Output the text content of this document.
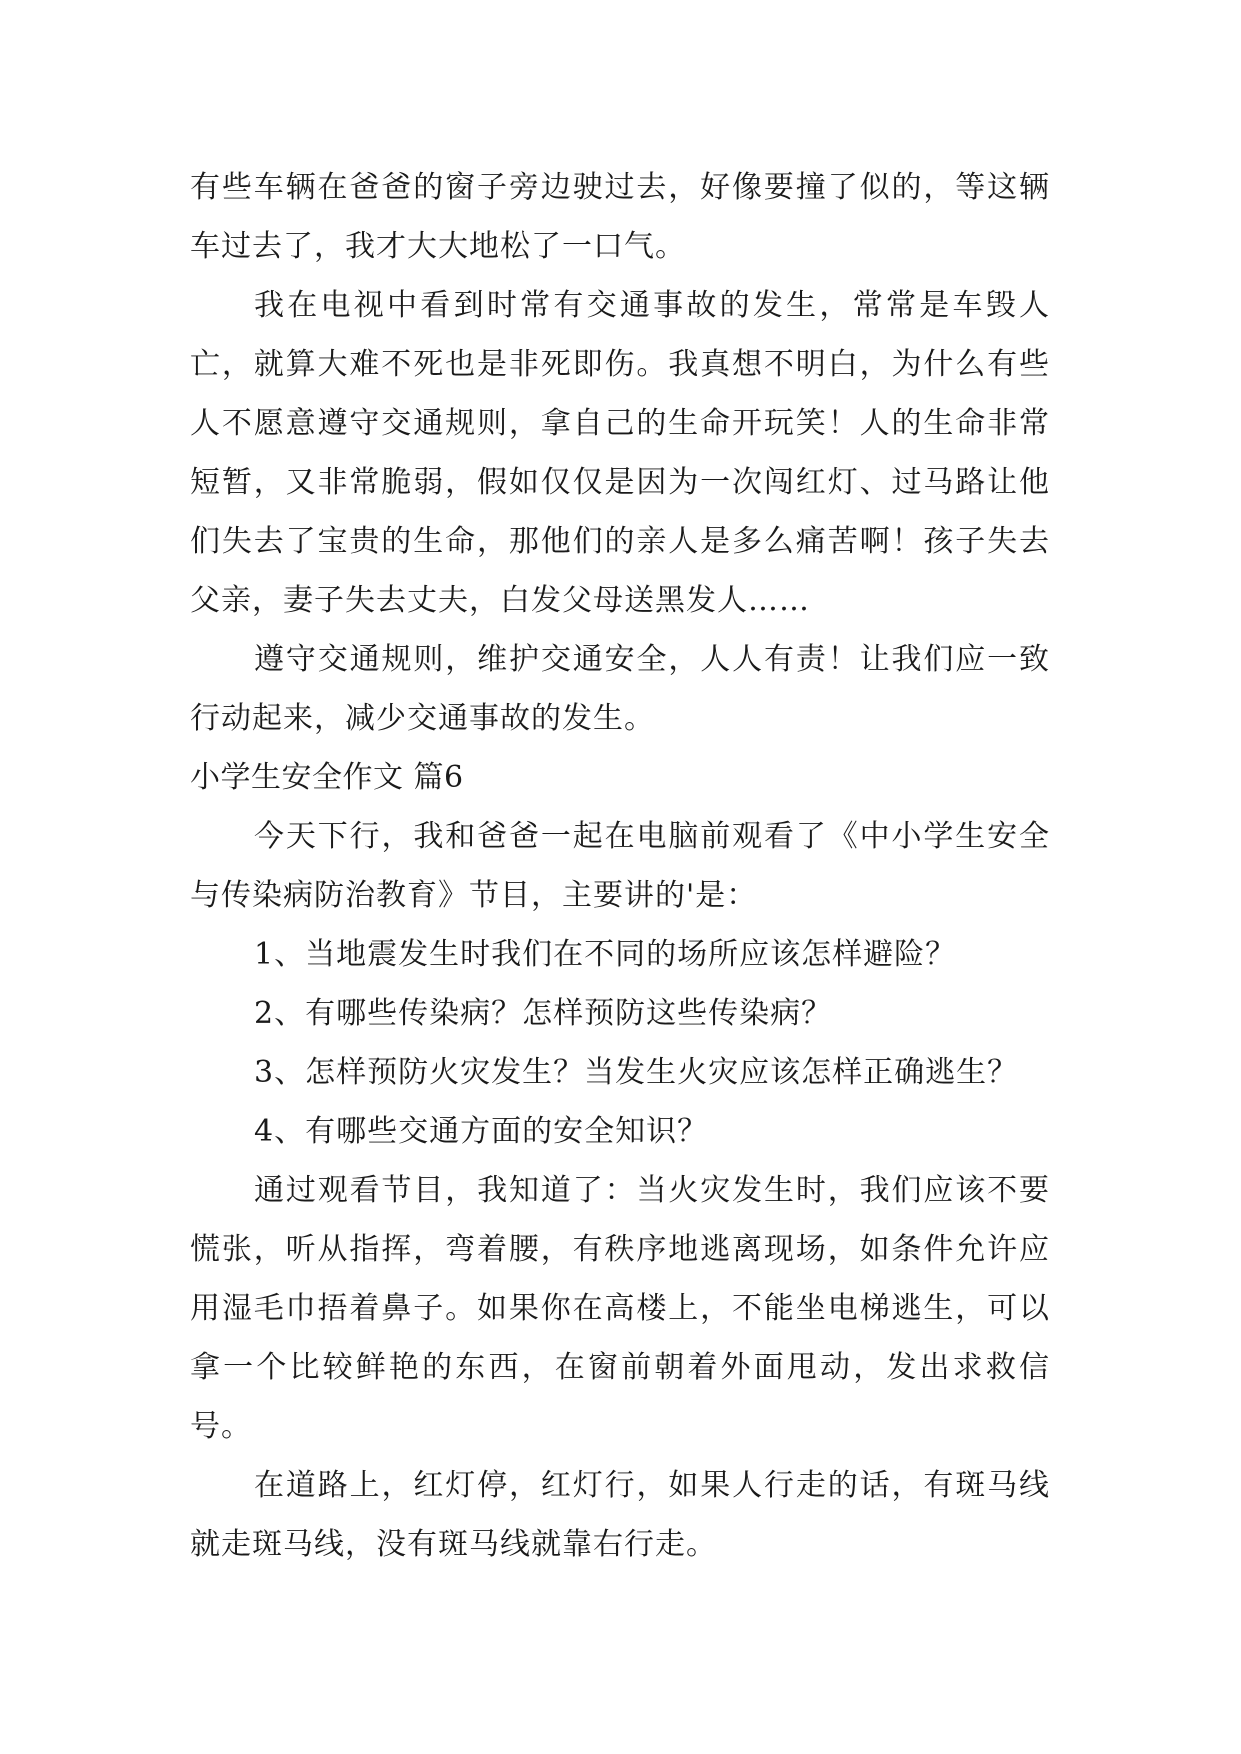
有些车辆在爸爸的窗子旁边驶过去，好像要撞了似的，等这辆车过去了，我才大大地松了一口气。

我在电视中看到时常有交通事故的发生，常常是车毁人亡，就算大难不死也是非死即伤。我真想不明白，为什么有些人不愿意遵守交通规则，拿自己的生命开玩笑！人的生命非常短暂，又非常脆弱，假如仅仅是因为一次闯红灯、过马路让他们失去了宝贵的生命，那他们的亲人是多么痛苦啊！孩子失去父亲，妻子失去丈夫，白发父母送黑发人……

遵守交通规则，维护交通安全，人人有责！让我们应一致行动起来，减少交通事故的发生。

小学生安全作文 篇6

今天下行，我和爸爸一起在电脑前观看了《中小学生安全与传染病防治教育》节目，主要讲的'是：

1、当地震发生时我们在不同的场所应该怎样避险？

2、有哪些传染病？怎样预防这些传染病？

3、怎样预防火灾发生？当发生火灾应该怎样正确逃生？

4、有哪些交通方面的安全知识？

通过观看节目，我知道了：当火灾发生时，我们应该不要慌张，听从指挥，弯着腰，有秩序地逃离现场，如条件允许应用湿毛巾捂着鼻子。如果你在高楼上，不能坐电梯逃生，可以拿一个比较鲜艳的东西，在窗前朝着外面甩动，发出求救信号。

在道路上，红灯停，红灯行，如果人行走的话，有斑马线就走斑马线，没有斑马线就靠右行走。
